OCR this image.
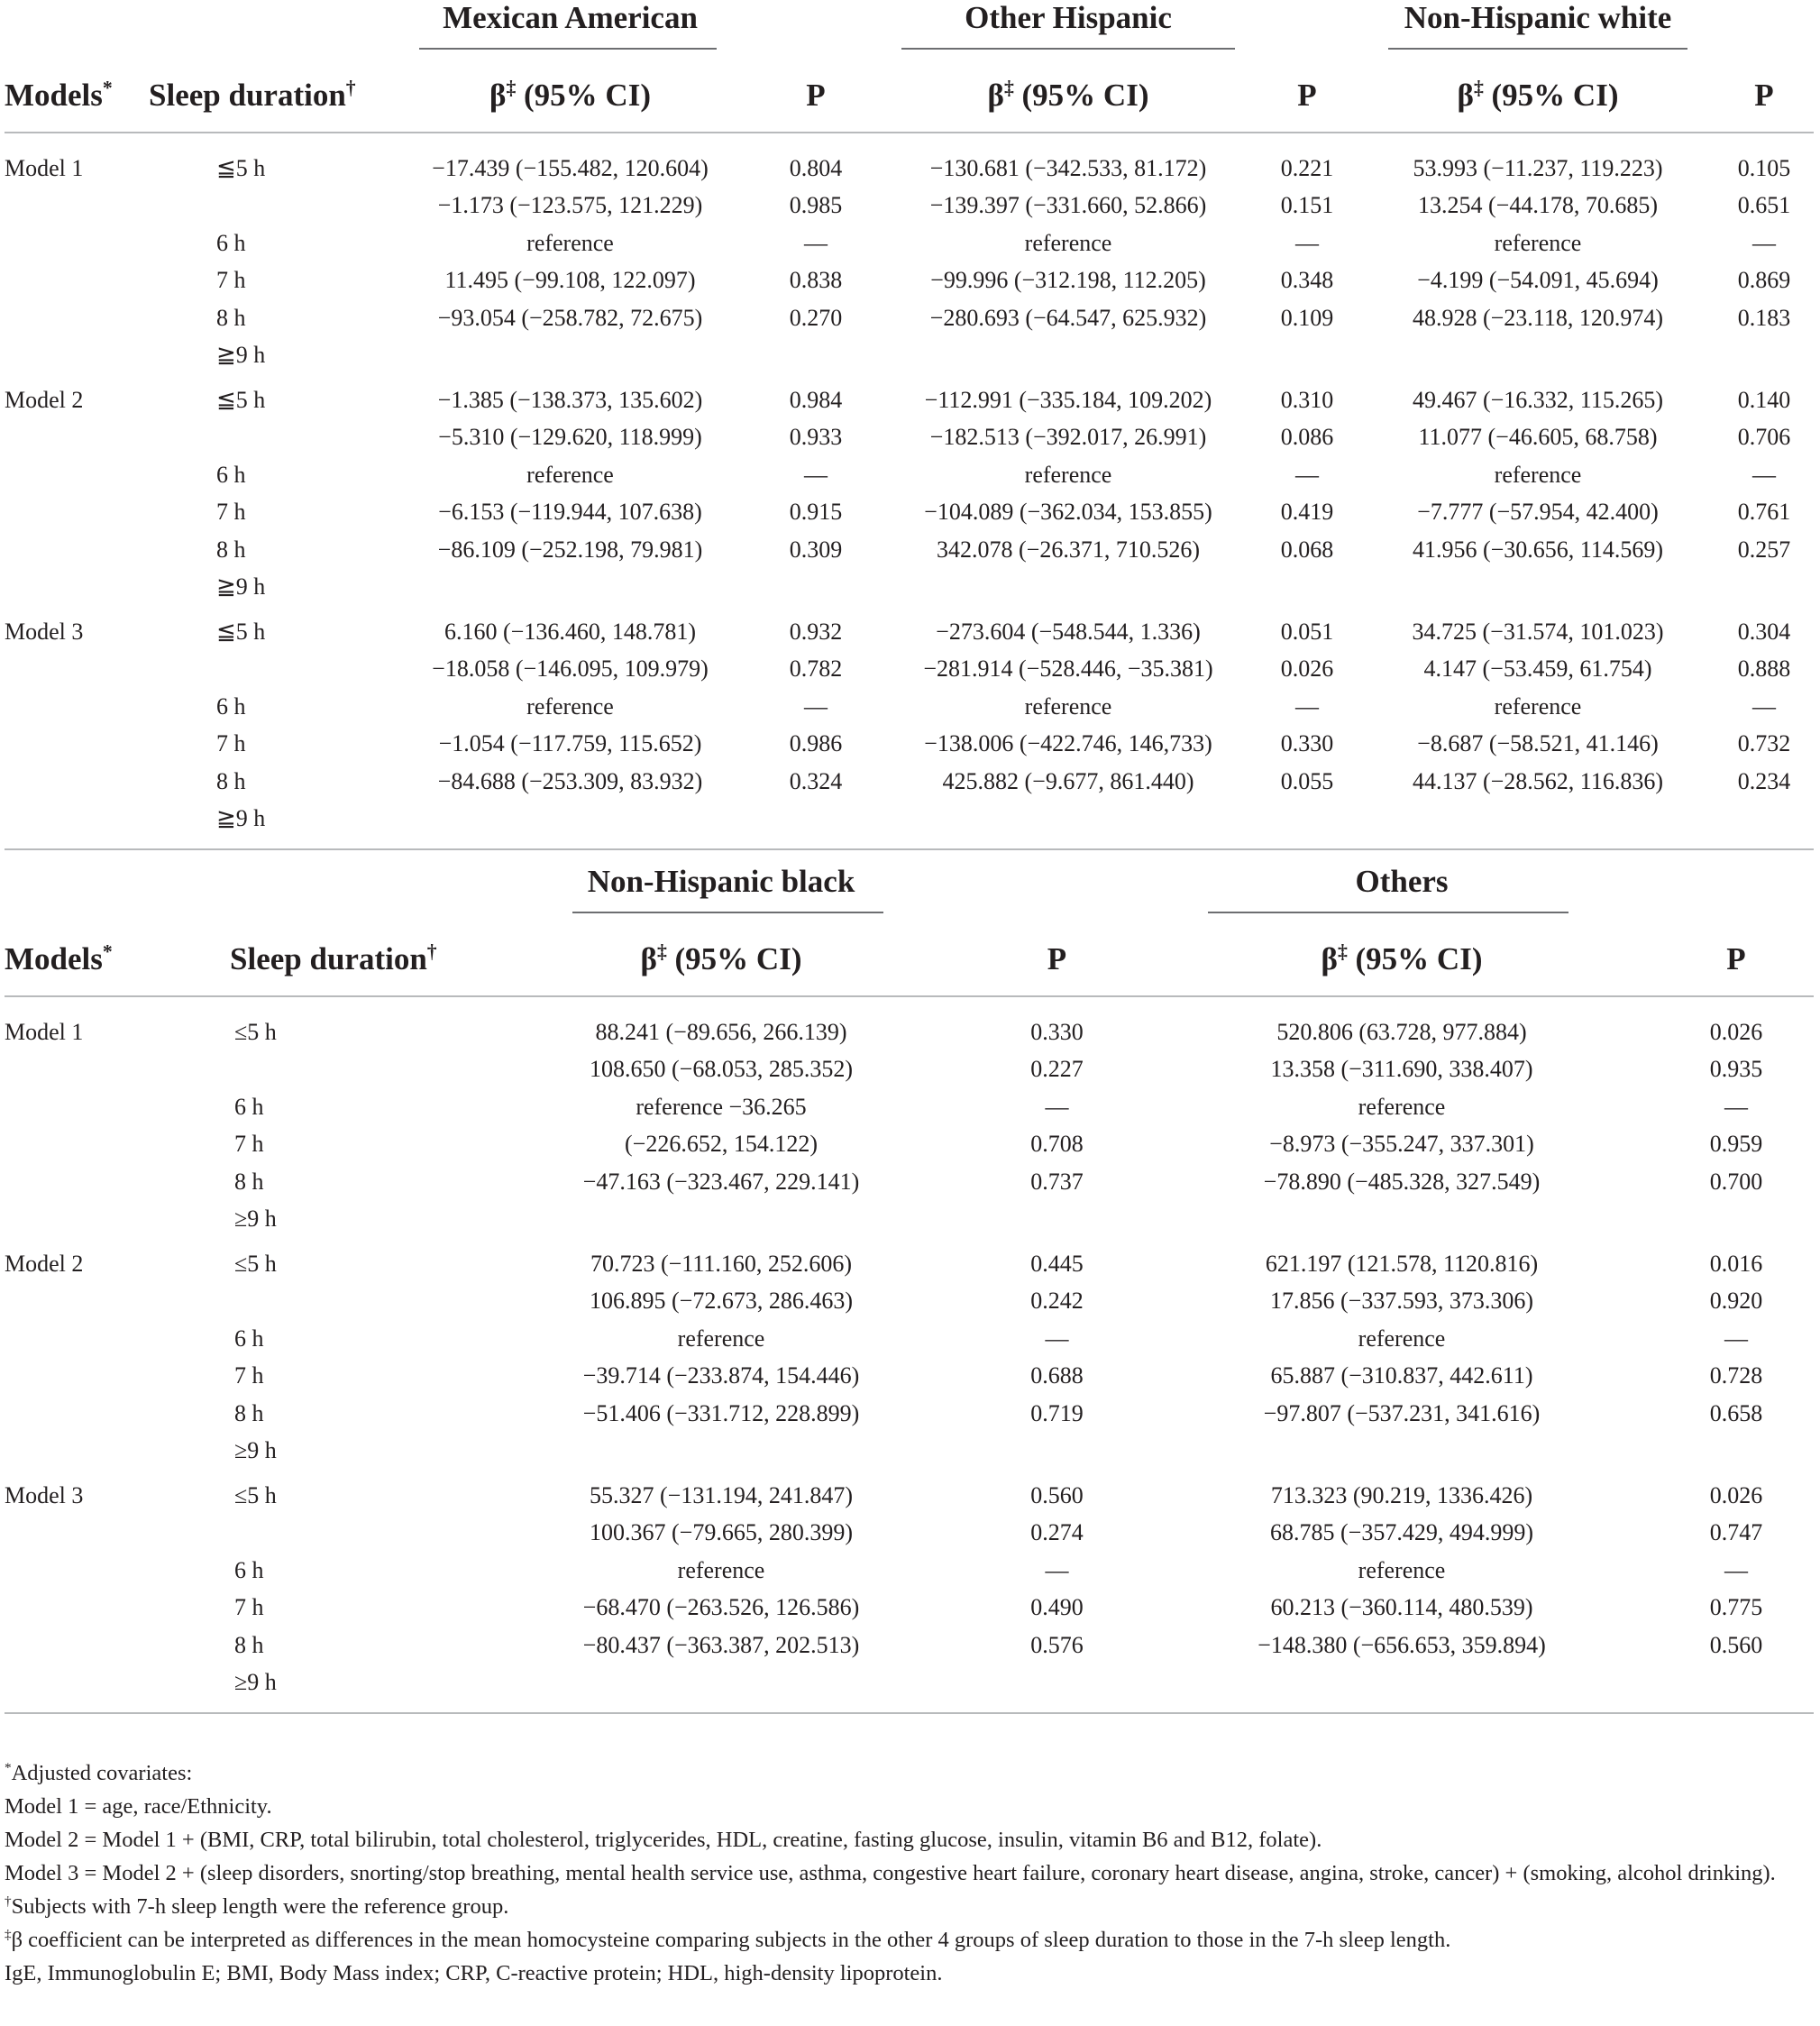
		Mexican American		Other Hispanic		Non-Hispanic white	

Models*	Sleep duration†	β‡ (95% CI)	P	β‡ (95% CI)	P	β‡ (95% CI)	P
Model 1	≦5 h	−17.439 (−155.482, 120.604)	0.804	−130.681 (−342.533, 81.172)	0.221	53.993 (−11.237, 119.223)	0.105
		−1.173 (−123.575, 121.229)	0.985	−139.397 (−331.660, 52.866)	0.151	13.254 (−44.178, 70.685)	0.651
	6 h	reference	—	reference	—	reference	—
	7 h	11.495 (−99.108, 122.097)	0.838	−99.996 (−312.198, 112.205)	0.348	−4.199 (−54.091, 45.694)	0.869
	8 h	−93.054 (−258.782, 72.675)	0.270	−280.693 (−64.547, 625.932)	0.109	48.928 (−23.118, 120.974)	0.183
	≧9 h						
Model 2	≦5 h	−1.385 (−138.373, 135.602)	0.984	−112.991 (−335.184, 109.202)	0.310	49.467 (−16.332, 115.265)	0.140
		−5.310 (−129.620, 118.999)	0.933	−182.513 (−392.017, 26.991)	0.086	11.077 (−46.605, 68.758)	0.706
	6 h	reference	—	reference	—	reference	—
	7 h	−6.153 (−119.944, 107.638)	0.915	−104.089 (−362.034, 153.855)	0.419	−7.777 (−57.954, 42.400)	0.761
	8 h	−86.109 (−252.198, 79.981)	0.309	342.078 (−26.371, 710.526)	0.068	41.956 (−30.656, 114.569)	0.257
	≧9 h						
Model 3	≦5 h	6.160 (−136.460, 148.781)	0.932	−273.604 (−548.544, 1.336)	0.051	34.725 (−31.574, 101.023)	0.304
		−18.058 (−146.095, 109.979)	0.782	−281.914 (−528.446, −35.381)	0.026	4.147 (−53.459, 61.754)	0.888
	6 h	reference	—	reference	—	reference	—
	7 h	−1.054 (−117.759, 115.652)	0.986	−138.006 (−422.746, 146,733)	0.330	−8.687 (−58.521, 41.146)	0.732
	8 h	−84.688 (−253.309, 83.932)	0.324	425.882 (−9.677, 861.440)	0.055	44.137 (−28.562, 116.836)	0.234
	≧9 h						

		Non-Hispanic black		Others	

Models*	Sleep duration†	β‡ (95% CI)	P	β‡ (95% CI)	P
Model 1	≤5 h	88.241 (−89.656, 266.139)	0.330	520.806 (63.728, 977.884)	0.026
		108.650 (−68.053, 285.352)	0.227	13.358 (−311.690, 338.407)	0.935
	6 h	reference −36.265	—	reference	—
	7 h	(−226.652, 154.122)	0.708	−8.973 (−355.247, 337.301)	0.959
	8 h	−47.163 (−323.467, 229.141)	0.737	−78.890 (−485.328, 327.549)	0.700
	≥9 h				
Model 2	≤5 h	70.723 (−111.160, 252.606)	0.445	621.197 (121.578, 1120.816)	0.016
		106.895 (−72.673, 286.463)	0.242	17.856 (−337.593, 373.306)	0.920
	6 h	reference	—	reference	—
	7 h	−39.714 (−233.874, 154.446)	0.688	65.887 (−310.837, 442.611)	0.728
	8 h	−51.406 (−331.712, 228.899)	0.719	−97.807 (−537.231, 341.616)	0.658
	≥9 h				
Model 3	≤5 h	55.327 (−131.194, 241.847)	0.560	713.323 (90.219, 1336.426)	0.026
		100.367 (−79.665, 280.399)	0.274	68.785 (−357.429, 494.999)	0.747
	6 h	reference	—	reference	—
	7 h	−68.470 (−263.526, 126.586)	0.490	60.213 (−360.114, 480.539)	0.775
	8 h	−80.437 (−363.387, 202.513)	0.576	−148.380 (−656.653, 359.894)	0.560
	≥9 h				

*Adjusted covariates:
Model 1 = age, race/Ethnicity.
Model 2 = Model 1 + (BMI, CRP, total bilirubin, total cholesterol, triglycerides, HDL, creatine, fasting glucose, insulin, vitamin B6 and B12, folate).
Model 3 = Model 2 + (sleep disorders, snorting/stop breathing, mental health service use, asthma, congestive heart failure, coronary heart disease, angina, stroke, cancer) + (smoking, alcohol drinking).
†Subjects with 7-h sleep length were the reference group.
‡β coefficient can be interpreted as differences in the mean homocysteine comparing subjects in the other 4 groups of sleep duration to those in the 7-h sleep length.
IgE, Immunoglobulin E; BMI, Body Mass index; CRP, C-reactive protein; HDL, high-density lipoprotein.
